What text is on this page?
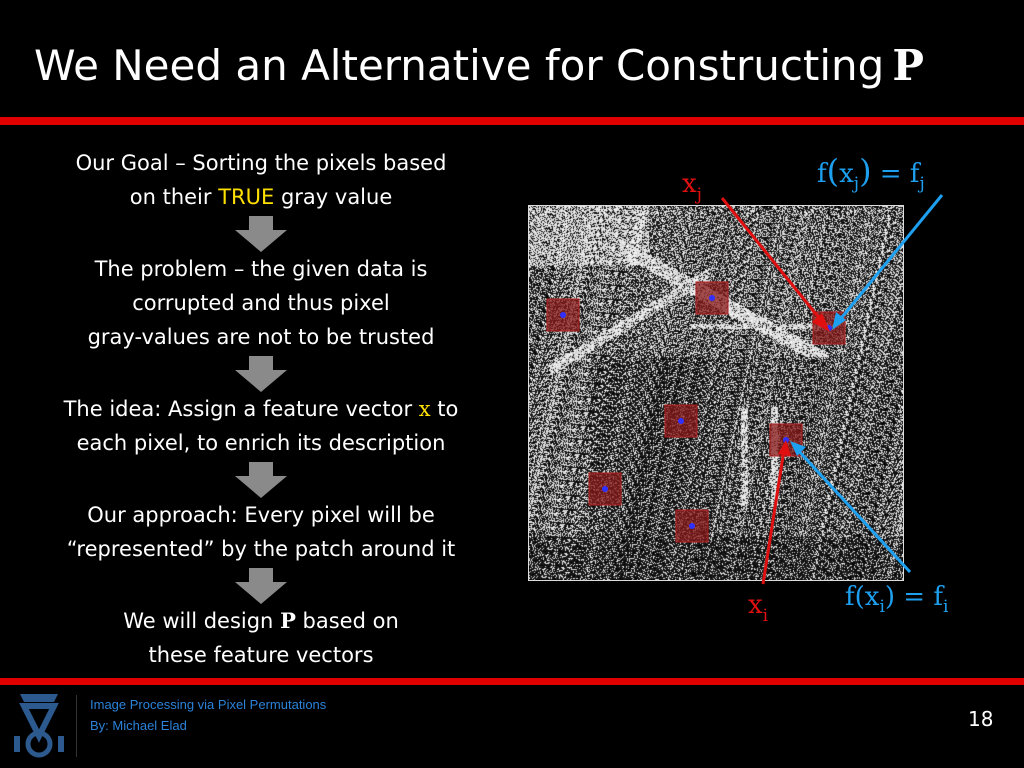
We Need an Alternative for Constructing P

Our Goal – Sorting the pixels based
on their TRUE gray value

The problem – the given data is
corrupted and thus pixel
gray-values are not to be trusted

The idea: Assign a feature vector x to
each pixel, to enrich its description

Our approach: Every pixel will be
“represented” by the patch around it

We will design P based on
these feature vectors

$x_j$
$x_i$
$f(x_j) = f_j$
$f(x_i) = f_i$
Image Processing via Pixel Permutations
By: Michael Elad	18
